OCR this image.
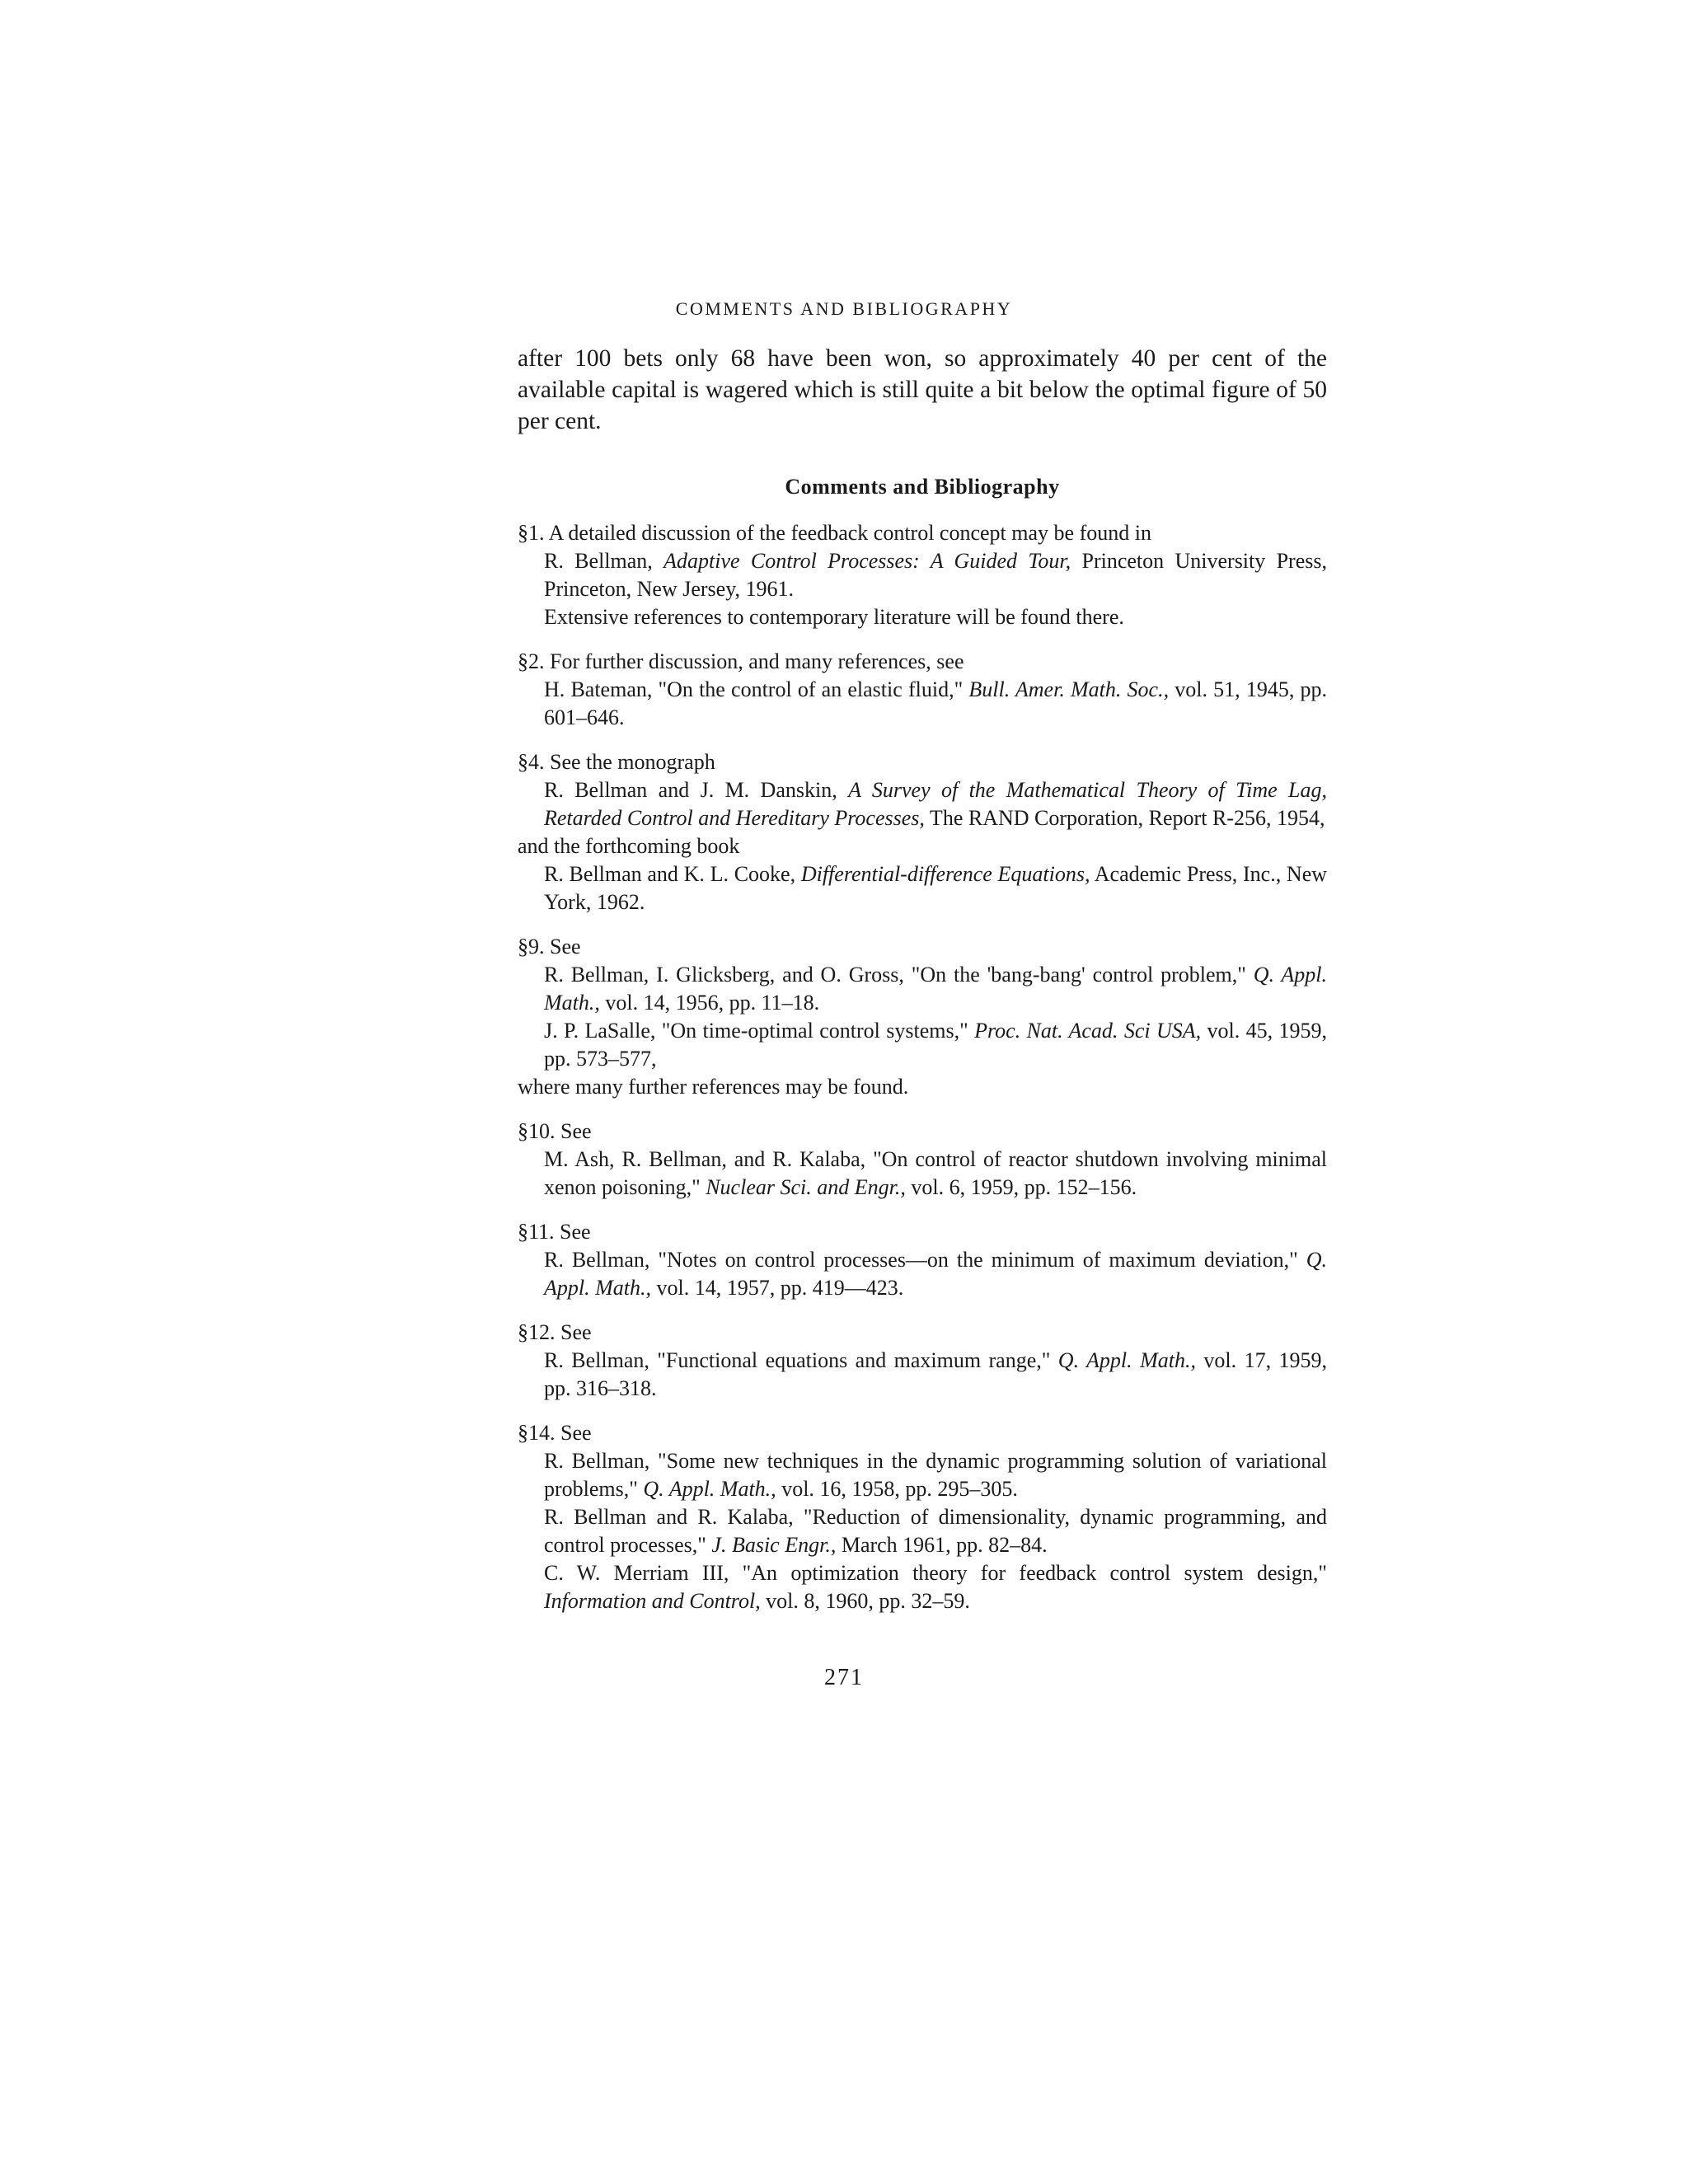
COMMENTS AND BIBLIOGRAPHY

after 100 bets only 68 have been won, so approximately 40 per cent of the available capital is wagered which is still quite a bit below the optimal figure of 50 per cent.

Comments and Bibliography

§1. A detailed discussion of the feedback control concept may be found in

R. Bellman, Adaptive Control Processes: A Guided Tour, Princeton University Press, Princeton, New Jersey, 1961.

Extensive references to contemporary literature will be found there.

§2. For further discussion, and many references, see

H. Bateman, "On the control of an elastic fluid," Bull. Amer. Math. Soc., vol. 51, 1945, pp. 601–646.

§4. See the monograph

R. Bellman and J. M. Danskin, A Survey of the Mathematical Theory of Time Lag, Retarded Control and Hereditary Processes, The RAND Corporation, Report R-256, 1954,

and the forthcoming book

R. Bellman and K. L. Cooke, Differential-difference Equations, Academic Press, Inc., New York, 1962.

§9. See

R. Bellman, I. Glicksberg, and O. Gross, "On the 'bang-bang' control problem," Q. Appl. Math., vol. 14, 1956, pp. 11–18.

J. P. LaSalle, "On time-optimal control systems," Proc. Nat. Acad. Sci USA, vol. 45, 1959, pp. 573–577,

where many further references may be found.

§10. See

M. Ash, R. Bellman, and R. Kalaba, "On control of reactor shutdown involving minimal xenon poisoning," Nuclear Sci. and Engr., vol. 6, 1959, pp. 152–156.

§11. See

R. Bellman, "Notes on control processes—on the minimum of maximum deviation," Q. Appl. Math., vol. 14, 1957, pp. 419—423.

§12. See

R. Bellman, "Functional equations and maximum range," Q. Appl. Math., vol. 17, 1959, pp. 316–318.

§14. See

R. Bellman, "Some new techniques in the dynamic programming solution of variational problems," Q. Appl. Math., vol. 16, 1958, pp. 295–305.

R. Bellman and R. Kalaba, "Reduction of dimensionality, dynamic programming, and control processes," J. Basic Engr., March 1961, pp. 82–84.

C. W. Merriam III, "An optimization theory for feedback control system design," Information and Control, vol. 8, 1960, pp. 32–59.

271
